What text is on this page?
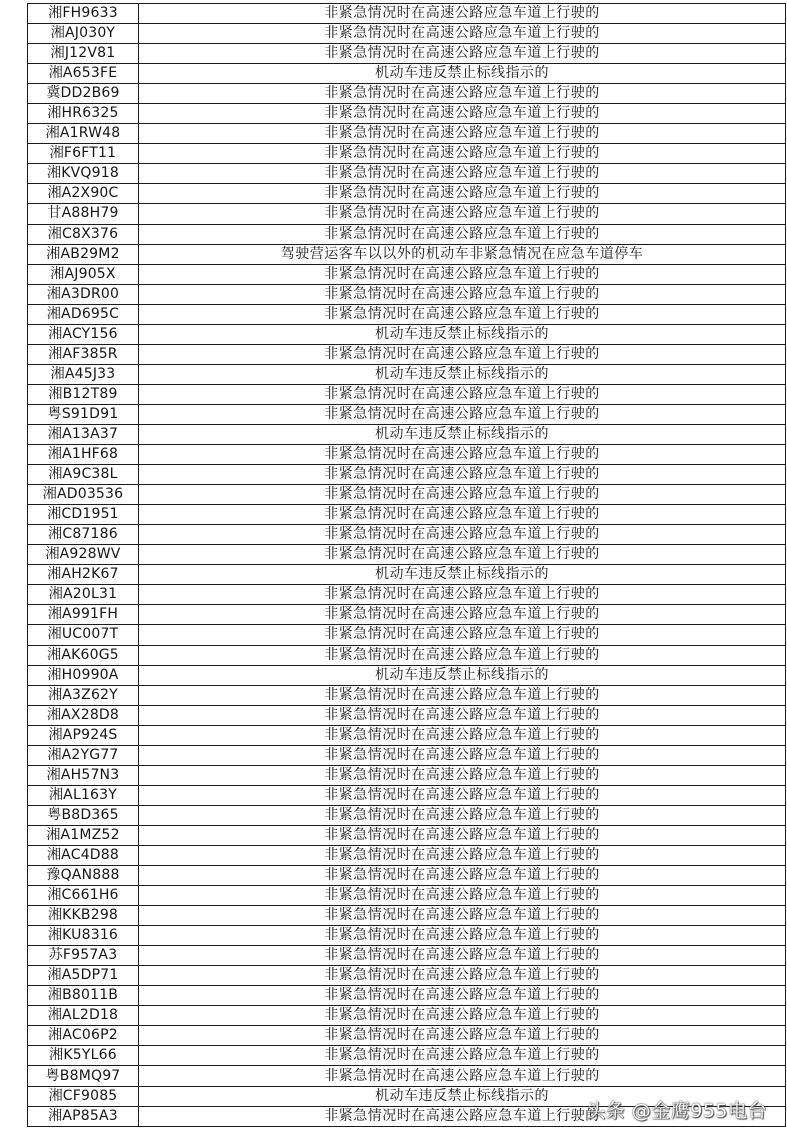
湘FH9633	非紧急情况时在高速公路应急车道上行驶的
湘AJ030Y	非紧急情况时在高速公路应急车道上行驶的
湘J12V81	非紧急情况时在高速公路应急车道上行驶的
湘A653FE	机动车违反禁止标线指示的
冀DD2B69	非紧急情况时在高速公路应急车道上行驶的
湘HR6325	非紧急情况时在高速公路应急车道上行驶的
湘A1RW48	非紧急情况时在高速公路应急车道上行驶的
湘F6FT11	非紧急情况时在高速公路应急车道上行驶的
湘KVQ918	非紧急情况时在高速公路应急车道上行驶的
湘A2X90C	非紧急情况时在高速公路应急车道上行驶的
甘A88H79	非紧急情况时在高速公路应急车道上行驶的
湘C8X376	非紧急情况时在高速公路应急车道上行驶的
湘AB29M2	驾驶营运客车以以外的机动车非紧急情况在应急车道停车
湘AJ905X	非紧急情况时在高速公路应急车道上行驶的
湘A3DR00	非紧急情况时在高速公路应急车道上行驶的
湘AD695C	非紧急情况时在高速公路应急车道上行驶的
湘ACY156	机动车违反禁止标线指示的
湘AF385R	非紧急情况时在高速公路应急车道上行驶的
湘A45J33	机动车违反禁止标线指示的
湘B12T89	非紧急情况时在高速公路应急车道上行驶的
粤S91D91	非紧急情况时在高速公路应急车道上行驶的
湘A13A37	机动车违反禁止标线指示的
湘A1HF68	非紧急情况时在高速公路应急车道上行驶的
湘A9C38L	非紧急情况时在高速公路应急车道上行驶的
湘AD03536	非紧急情况时在高速公路应急车道上行驶的
湘CD1951	非紧急情况时在高速公路应急车道上行驶的
湘C87186	非紧急情况时在高速公路应急车道上行驶的
湘A928WV	非紧急情况时在高速公路应急车道上行驶的
湘AH2K67	机动车违反禁止标线指示的
湘A20L31	非紧急情况时在高速公路应急车道上行驶的
湘A991FH	非紧急情况时在高速公路应急车道上行驶的
湘UC007T	非紧急情况时在高速公路应急车道上行驶的
湘AK60G5	非紧急情况时在高速公路应急车道上行驶的
湘H0990A	机动车违反禁止标线指示的
湘A3Z62Y	非紧急情况时在高速公路应急车道上行驶的
湘AX28D8	非紧急情况时在高速公路应急车道上行驶的
湘AP924S	非紧急情况时在高速公路应急车道上行驶的
湘A2YG77	非紧急情况时在高速公路应急车道上行驶的
湘AH57N3	非紧急情况时在高速公路应急车道上行驶的
湘AL163Y	非紧急情况时在高速公路应急车道上行驶的
粤B8D365	非紧急情况时在高速公路应急车道上行驶的
湘A1MZ52	非紧急情况时在高速公路应急车道上行驶的
湘AC4D88	非紧急情况时在高速公路应急车道上行驶的
豫QAN888	非紧急情况时在高速公路应急车道上行驶的
湘C661H6	非紧急情况时在高速公路应急车道上行驶的
湘KKB298	非紧急情况时在高速公路应急车道上行驶的
湘KU8316	非紧急情况时在高速公路应急车道上行驶的
苏F957A3	非紧急情况时在高速公路应急车道上行驶的
湘A5DP71	非紧急情况时在高速公路应急车道上行驶的
湘B8011B	非紧急情况时在高速公路应急车道上行驶的
湘AL2D18	非紧急情况时在高速公路应急车道上行驶的
湘AC06P2	非紧急情况时在高速公路应急车道上行驶的
湘K5YL66	非紧急情况时在高速公路应急车道上行驶的
粤B8MQ97	非紧急情况时在高速公路应急车道上行驶的
湘CF9085	机动车违反禁止标线指示的
湘AP85A3	非紧急情况时在高速公路应急车道上行驶的
头条 @金鹰955电台
